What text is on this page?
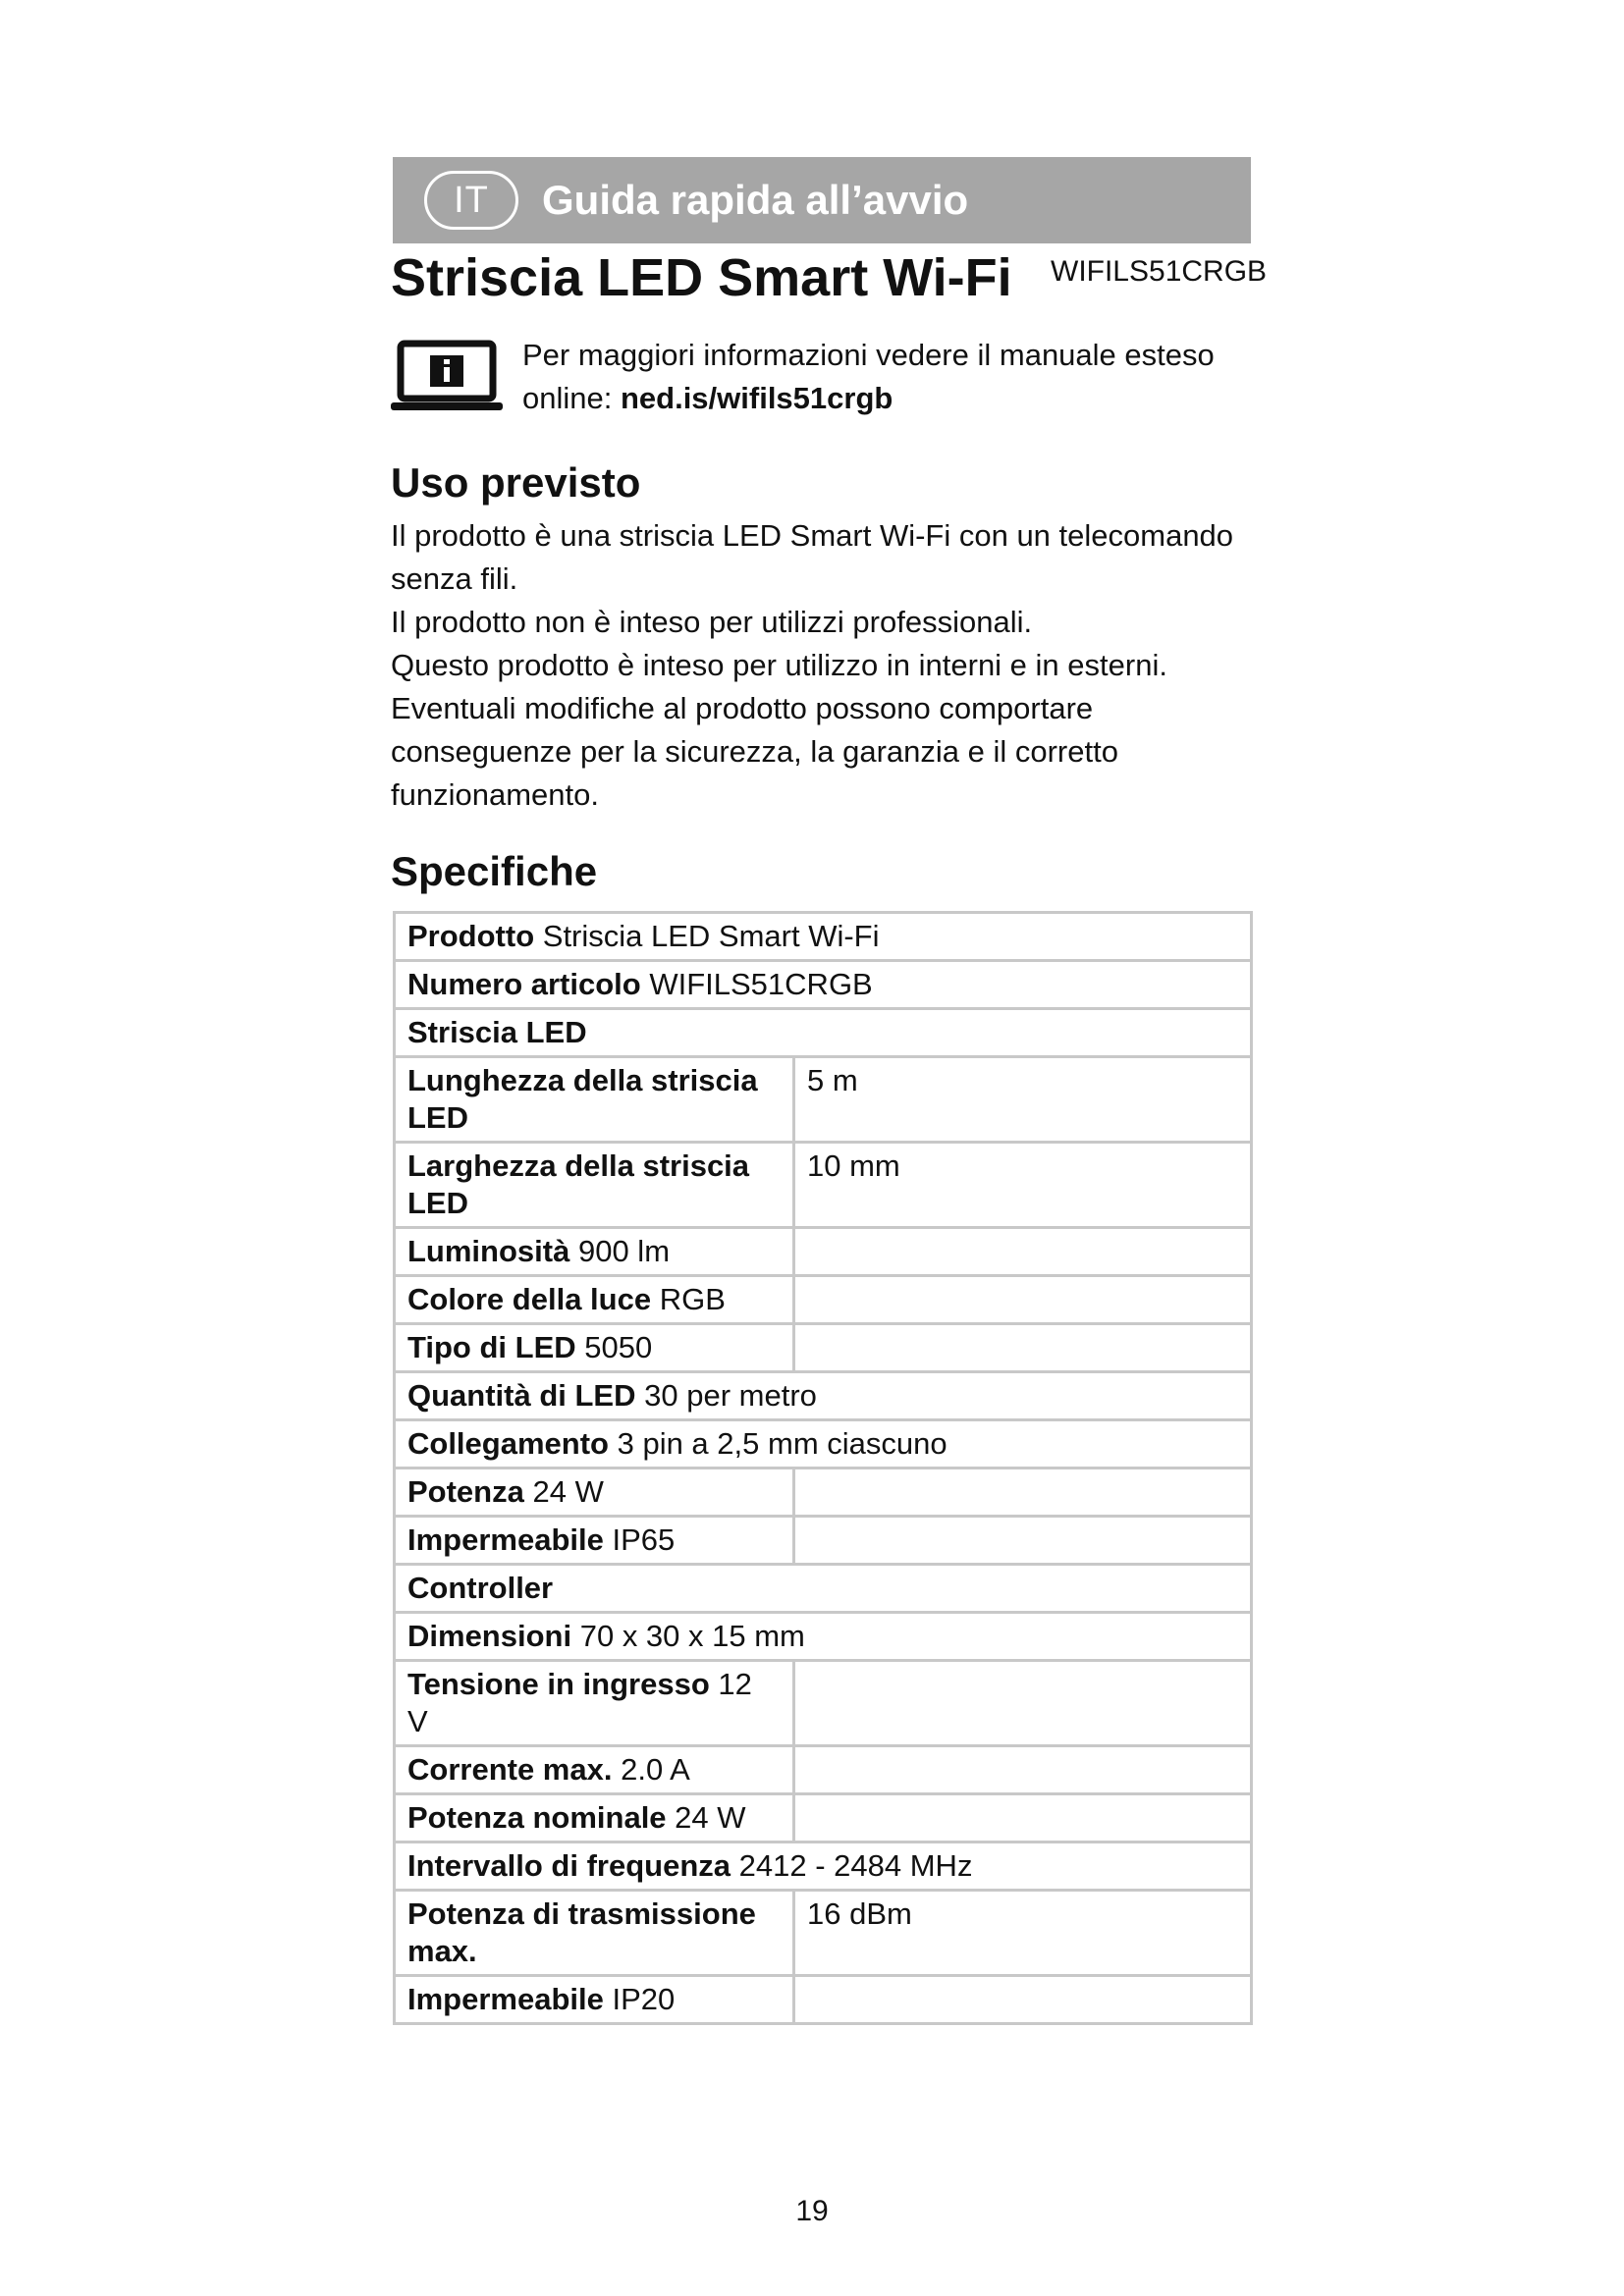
IT	Guida rapida all’avvio
Striscia LED Smart Wi-Fi WIFILS51CRGB
Per maggiori informazioni vedere il manuale esteso
online: ned.is/wifils51crgb
Uso previsto

Il prodotto è una striscia LED Smart Wi-Fi con un telecomando senza fili.

Il prodotto non è inteso per utilizzi professionali.

Questo prodotto è inteso per utilizzo in interni e in esterni.

Eventuali modifiche al prodotto possono comportare conseguenze per la sicurezza, la garanzia e il corretto funzionamento.

Specifiche
Prodotto Striscia LED Smart Wi-Fi	
Numero articolo WIFILS51CRGB	
Striscia LED	
Lunghezza della striscia LED	5 m
Larghezza della striscia LED	10 mm
Luminosità 900 lm	
Colore della luce RGB	
Tipo di LED 5050	
Quantità di LED 30 per metro	
Collegamento 3 pin a 2,5 mm ciascuno	
Potenza 24 W	
Impermeabile IP65	
Controller	
Dimensioni 70 x 30 x 15 mm	
Tensione in ingresso 12 V	
Corrente max. 2.0 A	
Potenza nominale 24 W	
Intervallo di frequenza 2412 - 2484 MHz	
Potenza di trasmissione max.	16 dBm
Impermeabile IP20	
19
